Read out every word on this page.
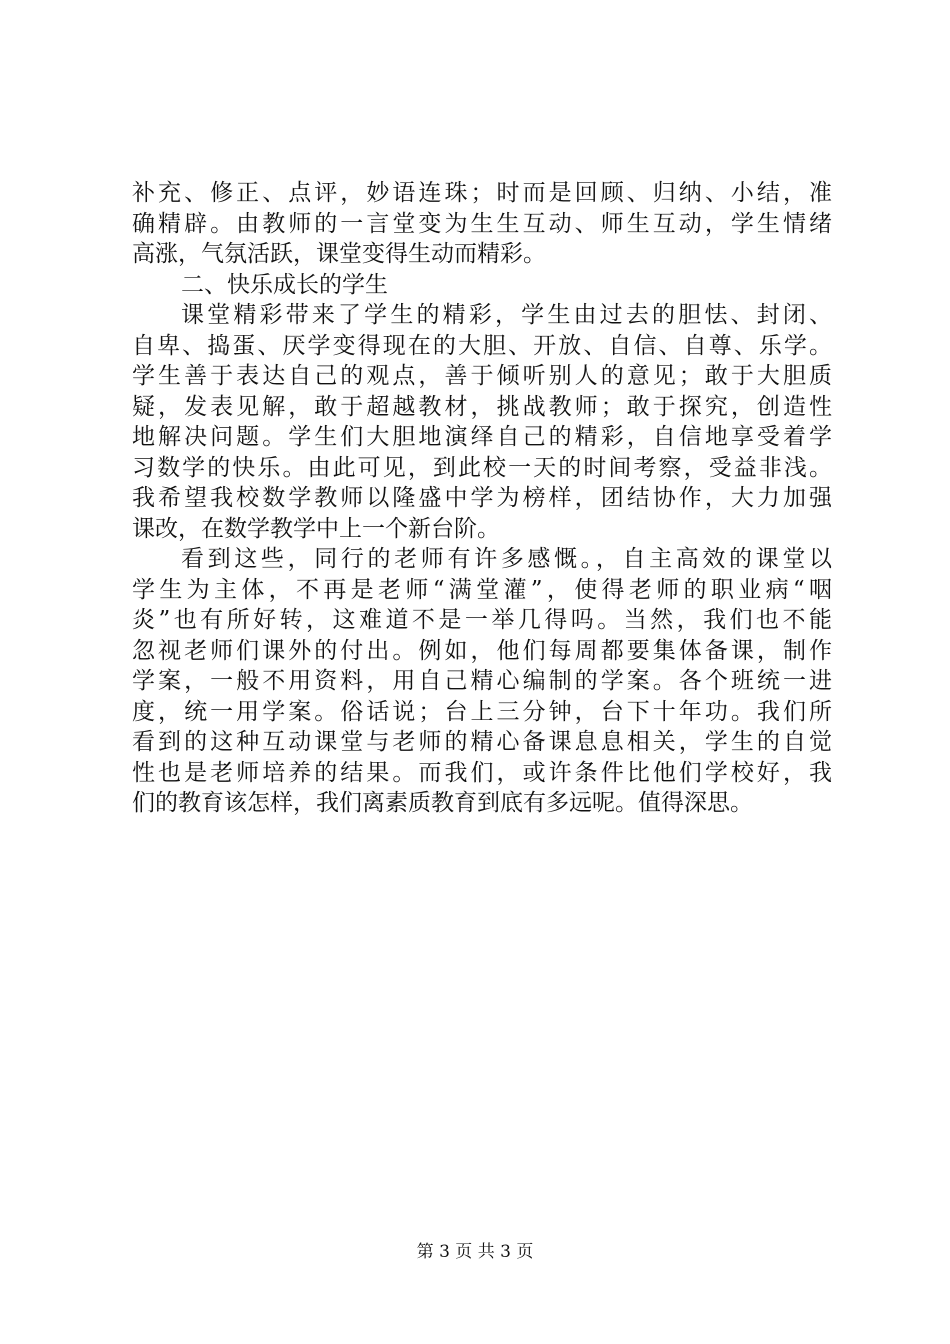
补充、修正、点评，妙语连珠；时而是回顾、归纳、小结，准
确精辟。由教师的一言堂变为生生互动、师生互动，学生情绪
高涨，气氛活跃，课堂变得生动而精彩。
二、快乐成长的学生
课堂精彩带来了学生的精彩，学生由过去的胆怯、封闭、
自卑、捣蛋、厌学变得现在的大胆、开放、自信、自尊、乐学。
学生善于表达自己的观点，善于倾听别人的意见；敢于大胆质
疑，发表见解，敢于超越教材，挑战教师；敢于探究，创造性
地解决问题。学生们大胆地演绎自己的精彩，自信地享受着学
习数学的快乐。由此可见，到此校一天的时间考察，受益非浅。
我希望我校数学教师以隆盛中学为榜样，团结协作，大力加强
课改，在数学教学中上一个新台阶。
看到这些，同行的老师有许多感慨。，自主高效的课堂以
学生为主体，不再是老师“满堂灌”，使得老师的职业病“咽
炎”也有所好转，这难道不是一举几得吗。当然，我们也不能
忽视老师们课外的付出。例如，他们每周都要集体备课，制作
学案，一般不用资料，用自己精心编制的学案。各个班统一进
度，统一用学案。俗话说；台上三分钟，台下十年功。我们所
看到的这种互动课堂与老师的精心备课息息相关，学生的自觉
性也是老师培养的结果。而我们，或许条件比他们学校好，我
们的教育该怎样，我们离素质教育到底有多远呢。值得深思。
第 3 页 共 3 页
